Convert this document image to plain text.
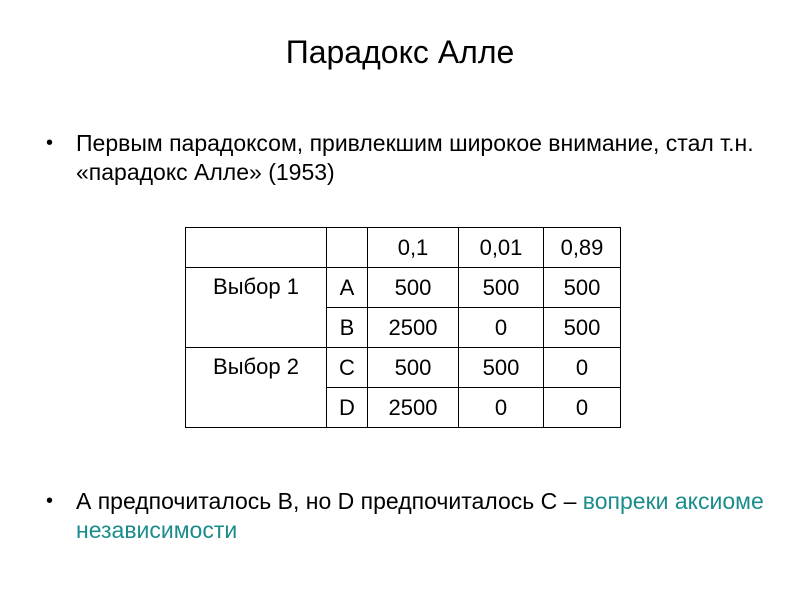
Парадокс Алле
• Первым парадоксом, привлекшим широкое внимание, стал т.н. «парадокс Алле» (1953)
		0,1	0,01	0,89
Выбор 1	A	500	500	500
	B	2500	0	500
Выбор 2	C	500	500	0
	D	2500	0	0
• А предпочиталось В, но D предпочиталось С – вопреки аксиоме независимости
